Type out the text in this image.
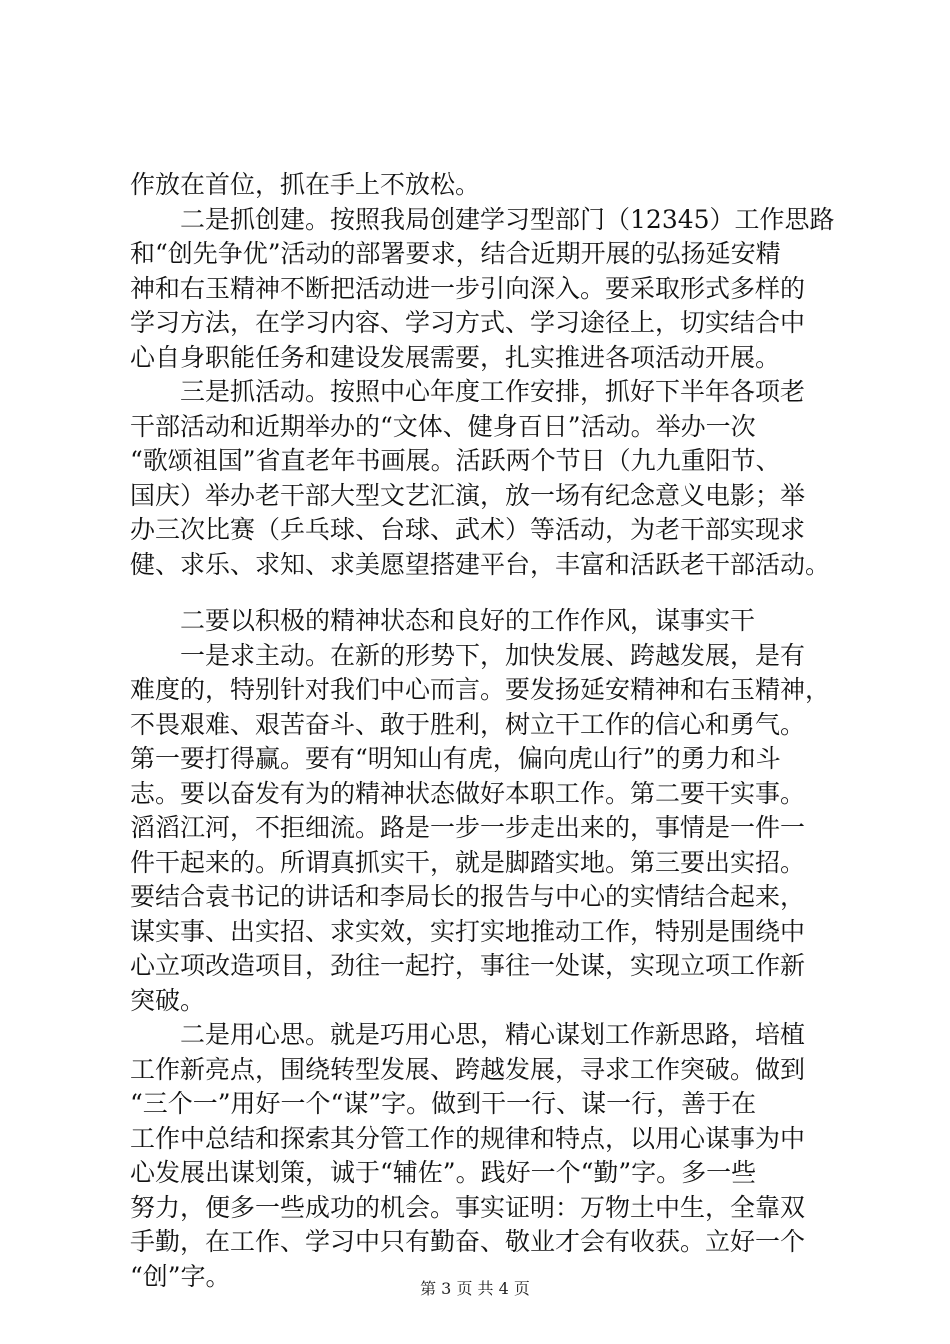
作放在首位，抓在手上不放松。
二是抓创建。按照我局创建学习型部门（12345）工作思路
和“创先争优”活动的部署要求，结合近期开展的弘扬延安精
神和右玉精神不断把活动进一步引向深入。要采取形式多样的
学习方法，在学习内容、学习方式、学习途径上，切实结合中
心自身职能任务和建设发展需要，扎实推进各项活动开展。
三是抓活动。按照中心年度工作安排，抓好下半年各项老
干部活动和近期举办的“文体、健身百日”活动。举办一次
“歌颂祖国”省直老年书画展。活跃两个节日（九九重阳节、
国庆）举办老干部大型文艺汇演，放一场有纪念意义电影；举
办三次比赛（乒乓球、台球、武术）等活动，为老干部实现求
健、求乐、求知、求美愿望搭建平台，丰富和活跃老干部活动。
二要以积极的精神状态和良好的工作作风，谋事实干
一是求主动。在新的形势下，加快发展、跨越发展，是有
难度的，特别针对我们中心而言。要发扬延安精神和右玉精神，
不畏艰难、艰苦奋斗、敢于胜利，树立干工作的信心和勇气。
第一要打得赢。要有“明知山有虎，偏向虎山行”的勇力和斗
志。要以奋发有为的精神状态做好本职工作。第二要干实事。
滔滔江河，不拒细流。路是一步一步走出来的，事情是一件一
件干起来的。所谓真抓实干，就是脚踏实地。第三要出实招。
要结合袁书记的讲话和李局长的报告与中心的实情结合起来，
谋实事、出实招、求实效，实打实地推动工作，特别是围绕中
心立项改造项目，劲往一起拧，事往一处谋，实现立项工作新
突破。
二是用心思。就是巧用心思，精心谋划工作新思路，培植
工作新亮点，围绕转型发展、跨越发展，寻求工作突破。做到
“三个一”用好一个“谋”字。做到干一行、谋一行，善于在
工作中总结和探索其分管工作的规律和特点，以用心谋事为中
心发展出谋划策，诚于“辅佐”。践好一个“勤”字。多一些
努力，便多一些成功的机会。事实证明：万物土中生，全靠双
手勤，在工作、学习中只有勤奋、敬业才会有收获。立好一个
“创”字。	第 3 页 共 4 页
